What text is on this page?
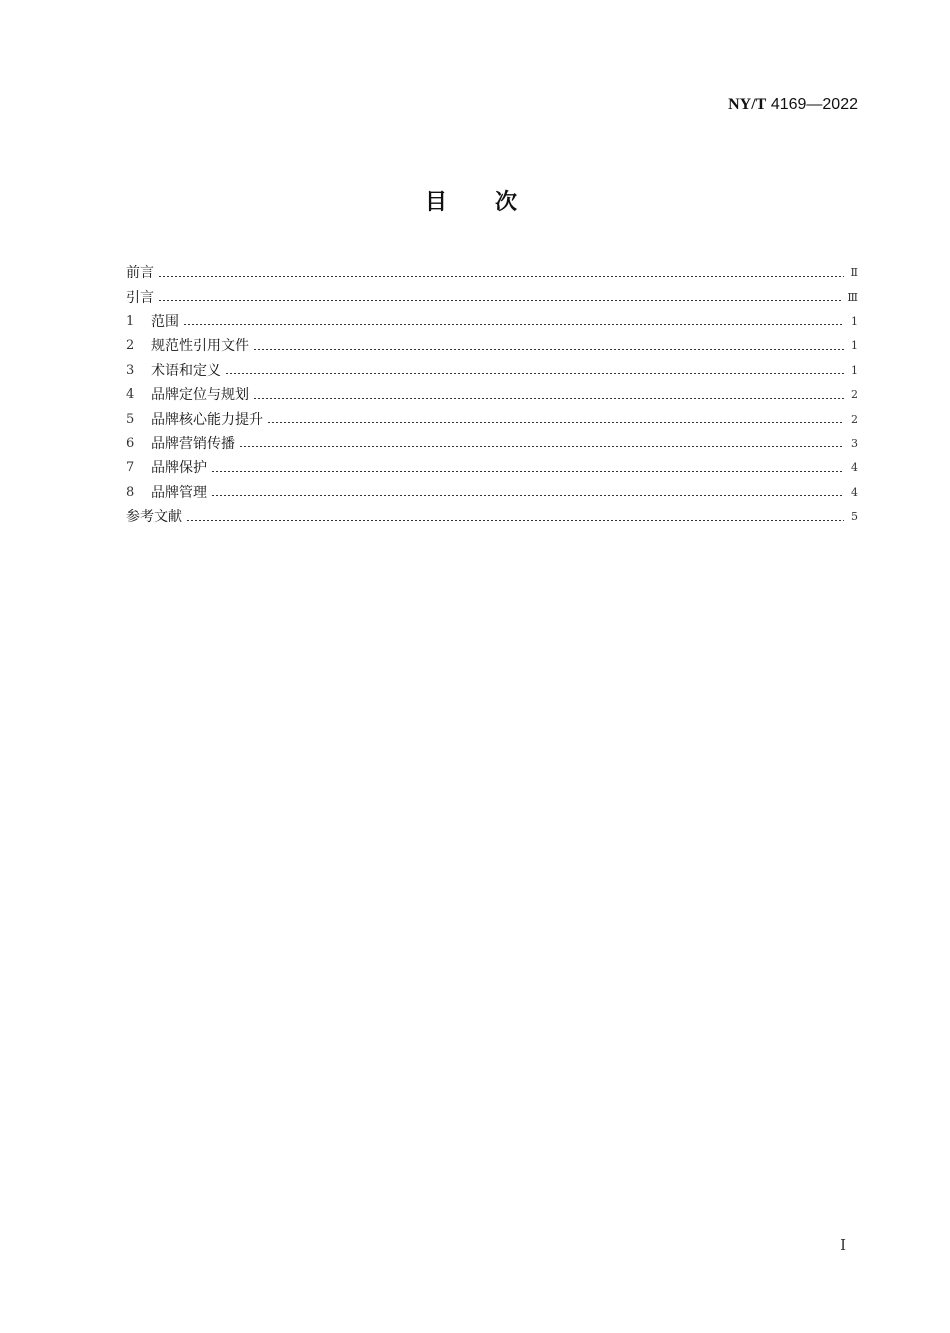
NY/T 4169—2022
目次
前言	Ⅱ
引言	Ⅲ
1	范围	1
2	规范性引用文件	1
3	术语和定义	1
4	品牌定位与规划	2
5	品牌核心能力提升	2
6	品牌营销传播	3
7	品牌保护	4
8	品牌管理	4
参考文献	5
I
